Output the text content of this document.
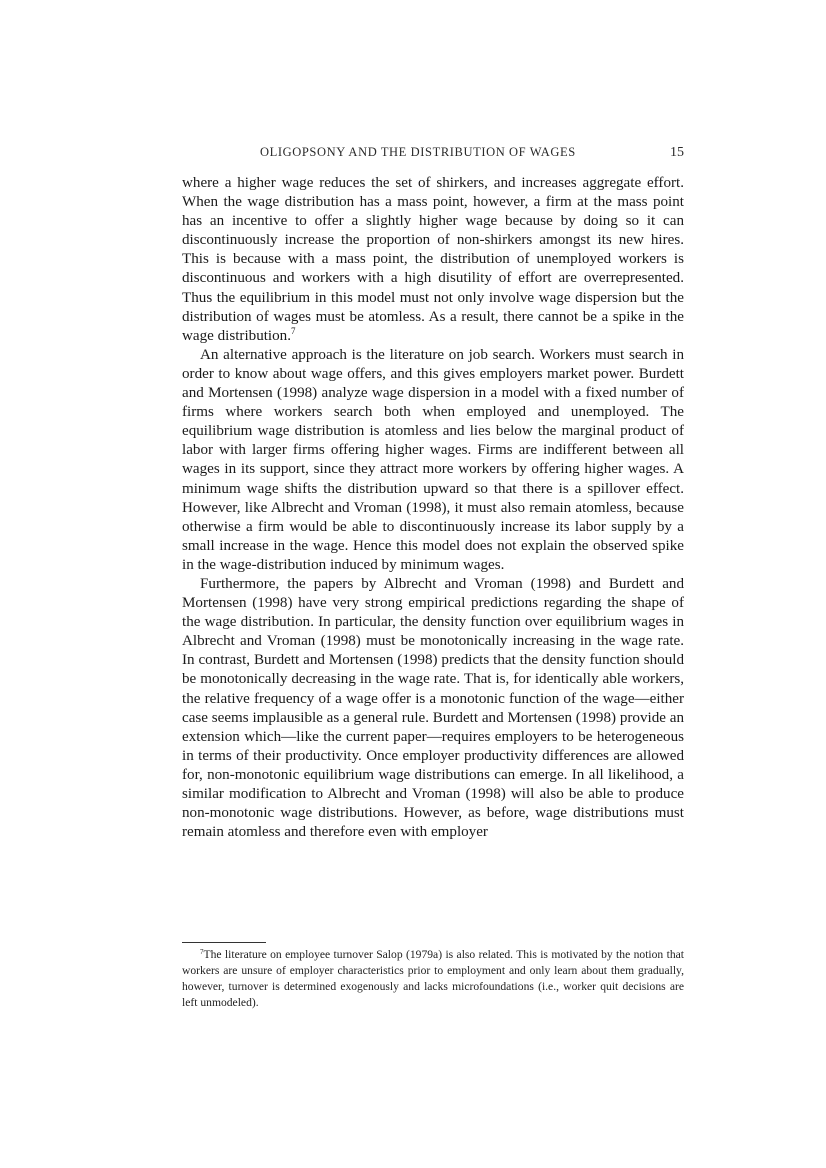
OLIGOPSONY AND THE DISTRIBUTION OF WAGES	15

where a higher wage reduces the set of shirkers, and increases aggregate effort. When the wage distribution has a mass point, however, a firm at the mass point has an incentive to offer a slightly higher wage because by doing so it can discontinuously increase the proportion of non-shirkers amongst its new hires. This is because with a mass point, the distribution of unemployed workers is discontinuous and workers with a high disutility of effort are overrepresented. Thus the equilibrium in this model must not only involve wage dispersion but the distribution of wages must be atomless. As a result, there cannot be a spike in the wage distribution.$^7$

An alternative approach is the literature on job search. Workers must search in order to know about wage offers, and this gives employers market power. Burdett and Mortensen (1998) analyze wage dispersion in a model with a fixed number of firms where workers search both when employed and unemployed. The equilibrium wage distribution is atomless and lies below the marginal product of labor with larger firms offering higher wages. Firms are indifferent between all wages in its support, since they attract more workers by offering higher wages. A minimum wage shifts the distribution upward so that there is a spillover effect. However, like Albrecht and Vroman (1998), it must also remain atomless, because otherwise a firm would be able to discontinuously increase its labor supply by a small increase in the wage. Hence this model does not explain the observed spike in the wage-distribution induced by minimum wages.

Furthermore, the papers by Albrecht and Vroman (1998) and Burdett and Mortensen (1998) have very strong empirical predictions regarding the shape of the wage distribution. In particular, the density function over equilibrium wages in Albrecht and Vroman (1998) must be monotonically increasing in the wage rate. In contrast, Burdett and Mortensen (1998) predicts that the density function should be monotonically decreasing in the wage rate. That is, for identically able workers, the relative frequency of a wage offer is a monotonic function of the wage—either case seems implausible as a general rule. Burdett and Mortensen (1998) provide an extension which—like the current paper—requires employers to be heterogeneous in terms of their productivity. Once employer productivity differences are allowed for, non-monotonic equilibrium wage distributions can emerge. In all likelihood, a similar modification to Albrecht and Vroman (1998) will also be able to produce non-monotonic wage distributions. However, as before, wage distributions must remain atomless and therefore even with employer

$^7$The literature on employee turnover Salop (1979a) is also related. This is motivated by the notion that workers are unsure of employer characteristics prior to employment and only learn about them gradually, however, turnover is determined exogenously and lacks microfoundations (i.e., worker quit decisions are left unmodeled).
